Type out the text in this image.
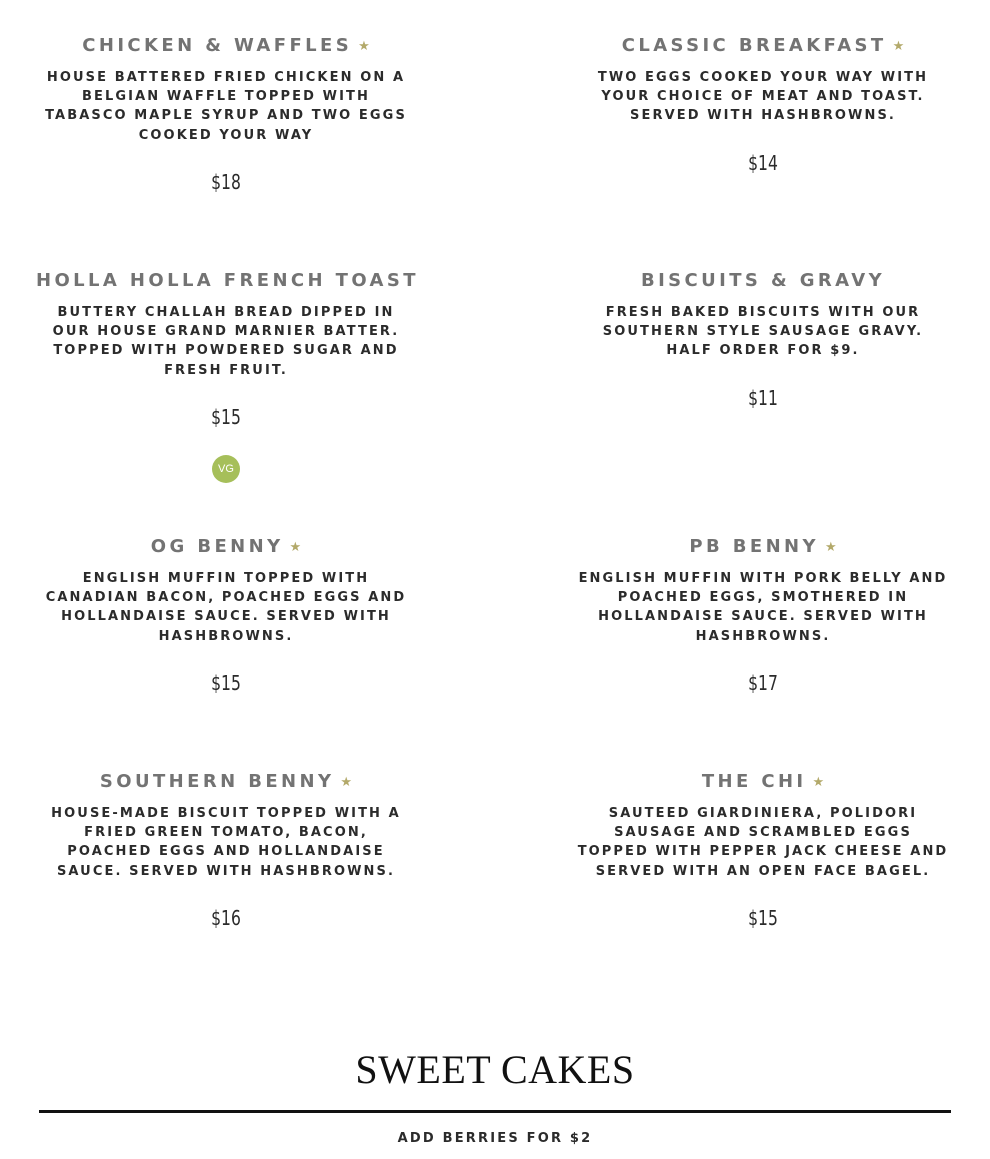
CHICKEN & WAFFLES ★
HOUSE BATTERED FRIED CHICKEN ON A BELGIAN WAFFLE TOPPED WITH TABASCO MAPLE SYRUP AND TWO EGGS COOKED YOUR WAY
$18
CLASSIC BREAKFAST ★
TWO EGGS COOKED YOUR WAY WITH YOUR CHOICE OF MEAT AND TOAST. SERVED WITH HASHBROWNS.
$14
HOLLA HOLLA FRENCH TOAST
BUTTERY CHALLAH BREAD DIPPED IN OUR HOUSE GRAND MARNIER BATTER. TOPPED WITH POWDERED SUGAR AND FRESH FRUIT.
$15
VG
BISCUITS & GRAVY
FRESH BAKED BISCUITS WITH OUR SOUTHERN STYLE SAUSAGE GRAVY. HALF ORDER FOR $9.
$11
OG BENNY ★
ENGLISH MUFFIN TOPPED WITH CANADIAN BACON, POACHED EGGS AND HOLLANDAISE SAUCE. SERVED WITH HASHBROWNS.
$15
PB BENNY ★
ENGLISH MUFFIN WITH PORK BELLY AND POACHED EGGS, SMOTHERED IN HOLLANDAISE SAUCE. SERVED WITH HASHBROWNS.
$17
SOUTHERN BENNY ★
HOUSE-MADE BISCUIT TOPPED WITH A FRIED GREEN TOMATO, BACON, POACHED EGGS AND HOLLANDAISE SAUCE. SERVED WITH HASHBROWNS.
$16
THE CHI ★
SAUTEED GIARDINIERA, POLIDORI SAUSAGE AND SCRAMBLED EGGS TOPPED WITH PEPPER JACK CHEESE AND SERVED WITH AN OPEN FACE BAGEL.
$15
SWEET CAKES
ADD BERRIES FOR $2
